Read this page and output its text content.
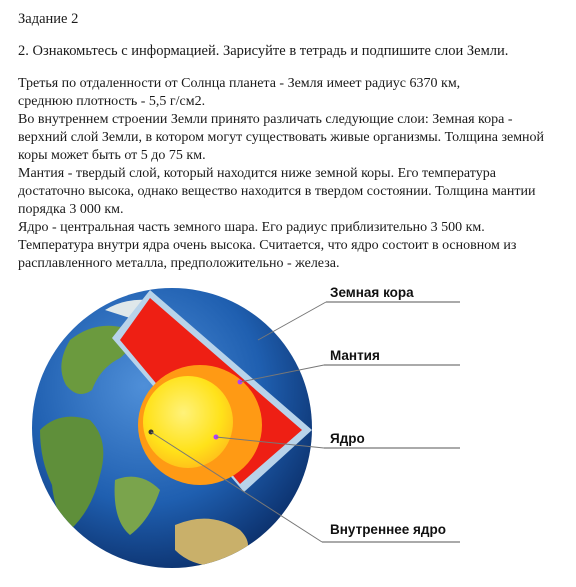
Задание 2
2. Ознакомьтесь с информацией. Зарисуйте в тетрадь и подпишите слои Земли.
Третья по отдаленности от Солнца планета - Земля имеет радиус 6370 км,
среднюю плотность - 5,5 г/см2.
Во внутреннем строении Земли принято различать следующие слои: Земная кора -
верхний слой Земли, в котором могут существовать живые организмы. Толщина земной
коры может быть от 5 до 75 км.
Мантия - твердый слой, который находится ниже земной коры. Его температура
достаточно высока, однако вещество находится в твердом состоянии. Толщина мантии
порядка 3 000 км.
Ядро - центральная часть земного шара. Его радиус приблизительно 3 500 км.
Температура внутри ядра очень высока. Считается, что ядро состоит в основном из
расплавленного металла, предположительно - железа.
Земная кора
Мантия
Ядро
Внутреннее ядро
